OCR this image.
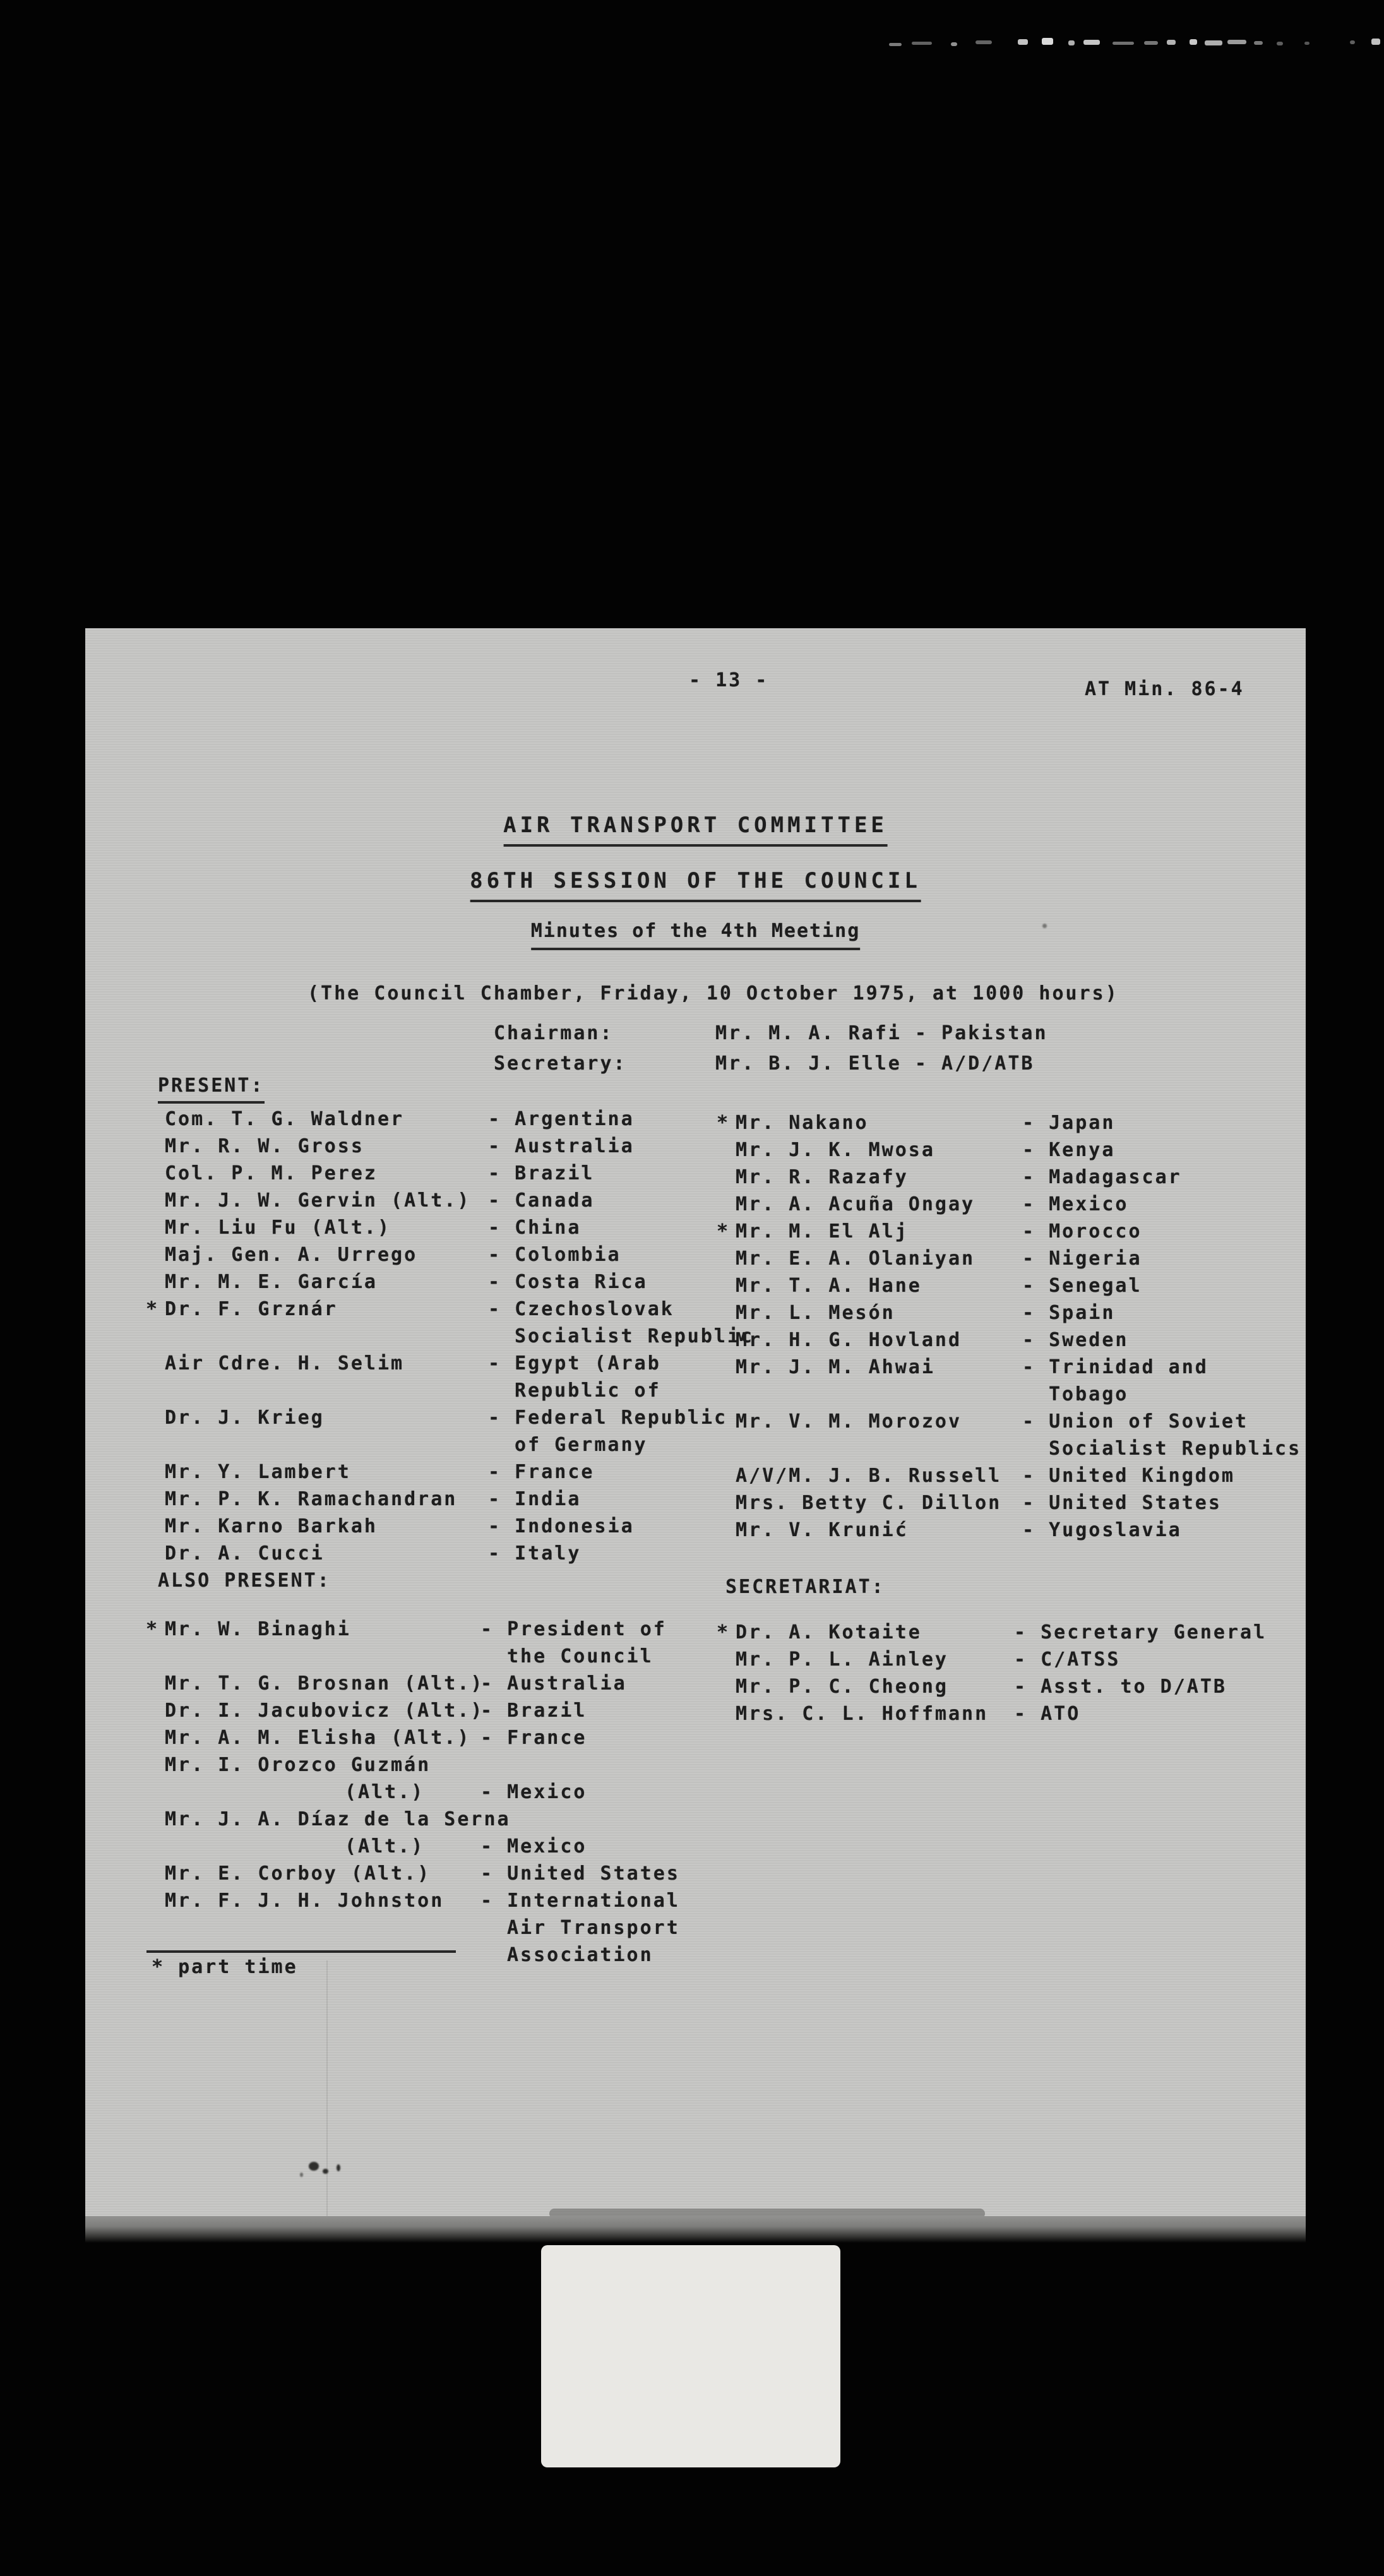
- 13 -	AT Min. 86-4
AIR TRANSPORT COMMITTEE
86TH SESSION OF THE COUNCIL
Minutes of the 4th Meeting
(The Council Chamber, Friday, 10 October 1975, at 1000 hours)
Chairman:	Mr. M. A. Rafi - Pakistan
Secretary:	Mr. B. J. Elle - A/D/ATB
PRESENT:
Com. T. G. Waldner	- Argentina
Mr. R. W. Gross	- Australia
Col. P. M. Perez	- Brazil
Mr. J. W. Gervin (Alt.) - Canada
Mr. Liu Fu (Alt.)	- China
Maj. Gen. A. Urrego	- Colombia
Mr. M. E. García	- Costa Rica
* Dr. F. Grznár	- Czechoslovak
Socialist Republic
Air Cdre. H. Selim	- Egypt (Arab
Republic of
Dr. J. Krieg	- Federal Republic
of Germany
Mr. Y. Lambert	- France
Mr. P. K. Ramachandran - India
Mr. Karno Barkah	- Indonesia
Dr. A. Cucci	- Italy
* Mr. Nakano	- Japan
Mr. J. K. Mwosa	- Kenya
Mr. R. Razafy	- Madagascar
Mr. A. Acuña Ongay - Mexico
* Mr. M. El Alj	- Morocco
Mr. E. A. Olaniyan - Nigeria
Mr. T. A. Hane	- Senegal
Mr. L. Mesón	- Spain
Mr. H. G. Hovland	- Sweden
Mr. J. M. Ahwai	- Trinidad and
Tobago
Mr. V. M. Morozov	- Union of Soviet
Socialist Republics
A/V/M. J. B. Russell - United Kingdom
Mrs. Betty C. Dillon - United States
Mr. V. Krunić	- Yugoslavia
ALSO PRESENT:	SECRETARIAT:
* Mr. W. Binaghi	- President of
the Council
Mr. T. G. Brosnan (Alt.)
- Australia
Dr. I. Jacubovicz (Alt.)
- Brazil
Mr. A. M. Elisha (Alt.) - France
Mr. I. Orozco Guzmán
(Alt.)	- Mexico
Mr. J. A. Díaz de la Serna
(Alt.)	- Mexico
Mr. E. Corboy (Alt.)	- United States
Mr. F. J. H. Johnston - International
Air Transport
Association
* Dr. A. Kotaite	- Secretary General
Mr. P. L. Ainley	- C/ATSS
Mr. P. C. Cheong	- Asst. to D/ATB
Mrs. C. L. Hoffmann - ATO
* part time
